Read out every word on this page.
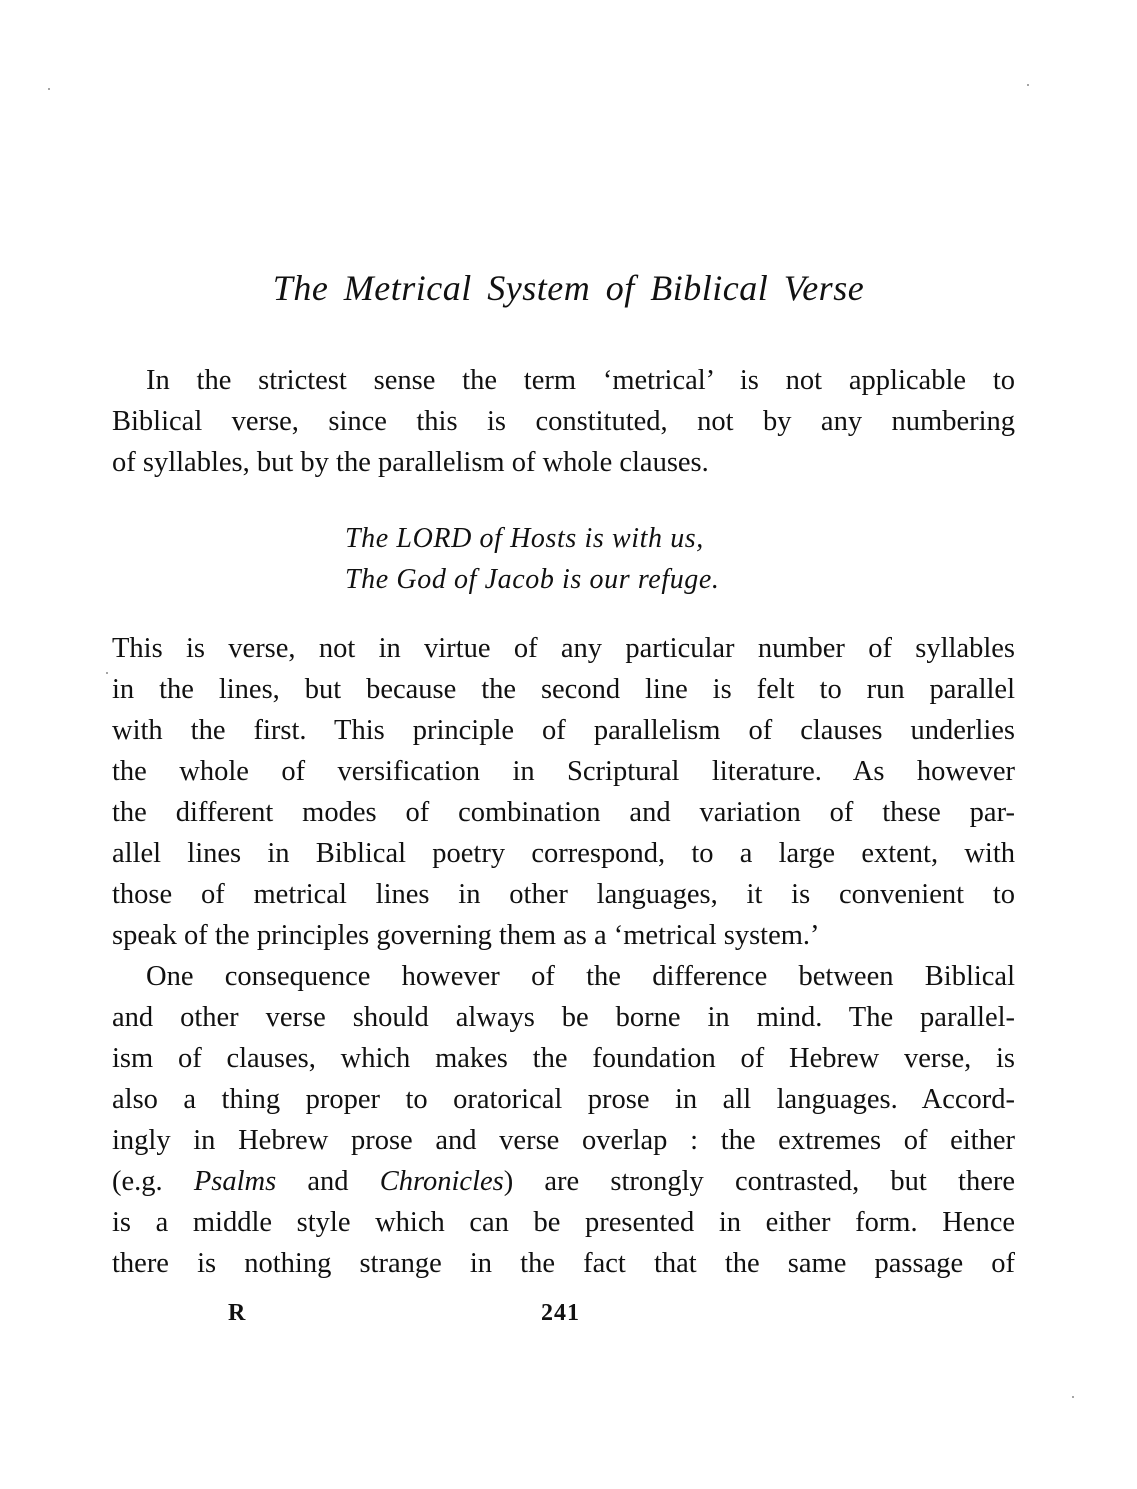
The Metrical System of Biblical Verse
In the strictest sense the term ‘metrical’ is not applicable to
Biblical verse, since this is constituted, not by any numbering
of syllables, but by the parallelism of whole clauses.
The LORD of Hosts is with us,
The God of Jacob is our refuge.
This is verse, not in virtue of any particular number of syllables
in the lines, but because the second line is felt to run parallel
with the first. This principle of parallelism of clauses underlies
the whole of versification in Scriptural literature. As however
the different modes of combination and variation of these par-
allel lines in Biblical poetry correspond, to a large extent, with
those of metrical lines in other languages, it is convenient to
speak of the principles governing them as a ‘metrical system.’
One consequence however of the difference between Biblical
and other verse should always be borne in mind. The parallel-
ism of clauses, which makes the foundation of Hebrew verse, is
also a thing proper to oratorical prose in all languages. Accord-
ingly in Hebrew prose and verse overlap : the extremes of either
(e.g. Psalms and Chronicles) are strongly contrasted, but there
is a middle style which can be presented in either form. Hence
there is nothing strange in the fact that the same passage of
R	241
